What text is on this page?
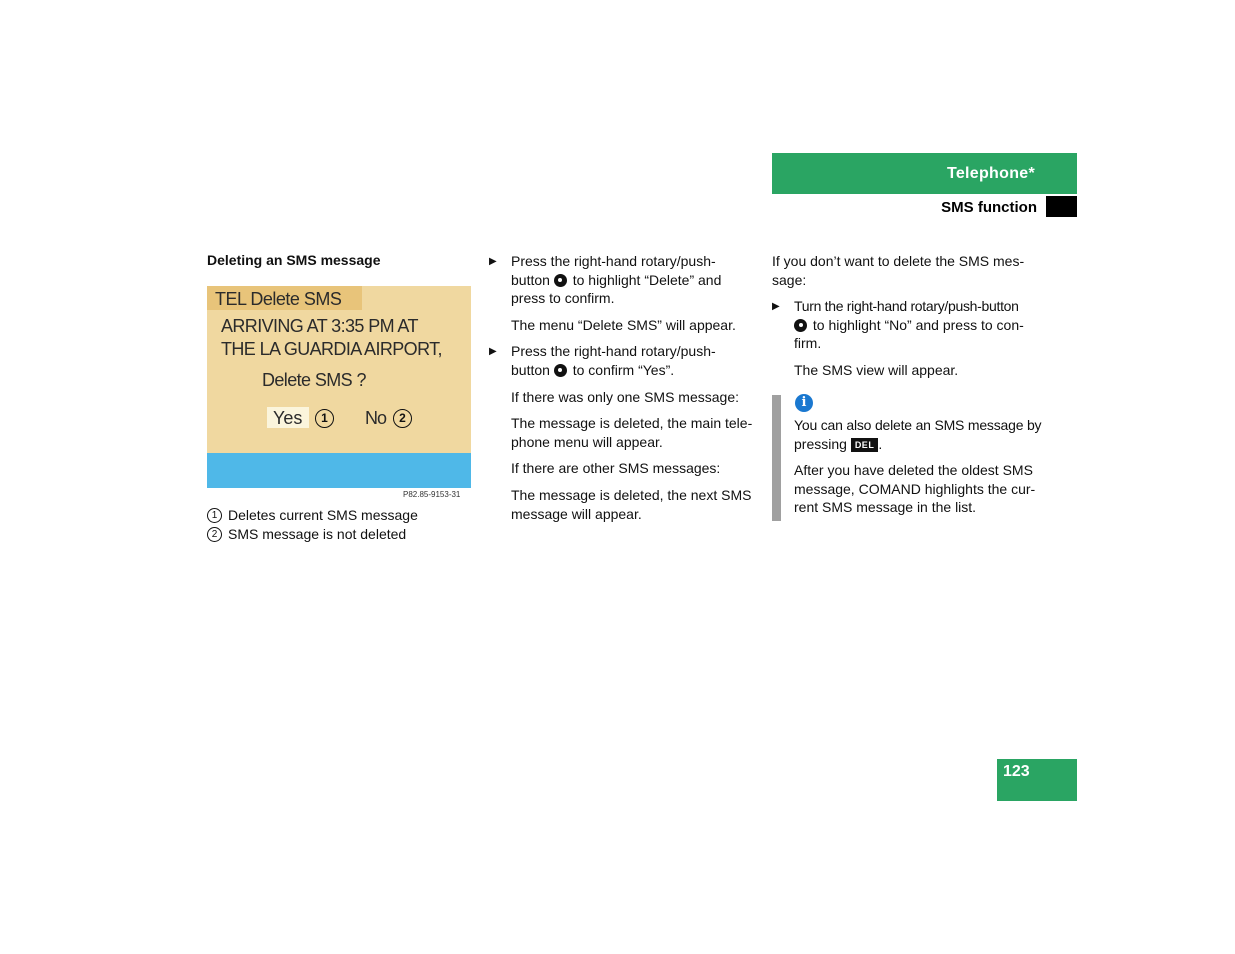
Telephone*
SMS function
Deleting an SMS message
TEL Delete SMS
ARRIVING AT 3:35 PM AT
THE LA GUARDIA AIRPORT,
Delete SMS ?
Yes	1	No	2
P82.85-9153-31
1 Deletes current SMS message
2 SMS message is not deleted
▶ Press the right-hand rotary/push-
button to highlight “Delete” and
press to confirm.
The menu “Delete SMS” will appear.
▶ Press the right-hand rotary/push-
button to confirm “Yes”.
If there was only one SMS message:
The message is deleted, the main tele-
phone menu will appear.
If there are other SMS messages:
The message is deleted, the next SMS
message will appear.
If you don’t want to delete the SMS mes-
sage:
▶ Turn the right-hand rotary/push-button
to highlight “No” and press to con-
firm.
The SMS view will appear.
i
You can also delete an SMS message by
pressing DEL .
After you have deleted the oldest SMS
message, COMAND highlights the cur-
rent SMS message in the list.
123
